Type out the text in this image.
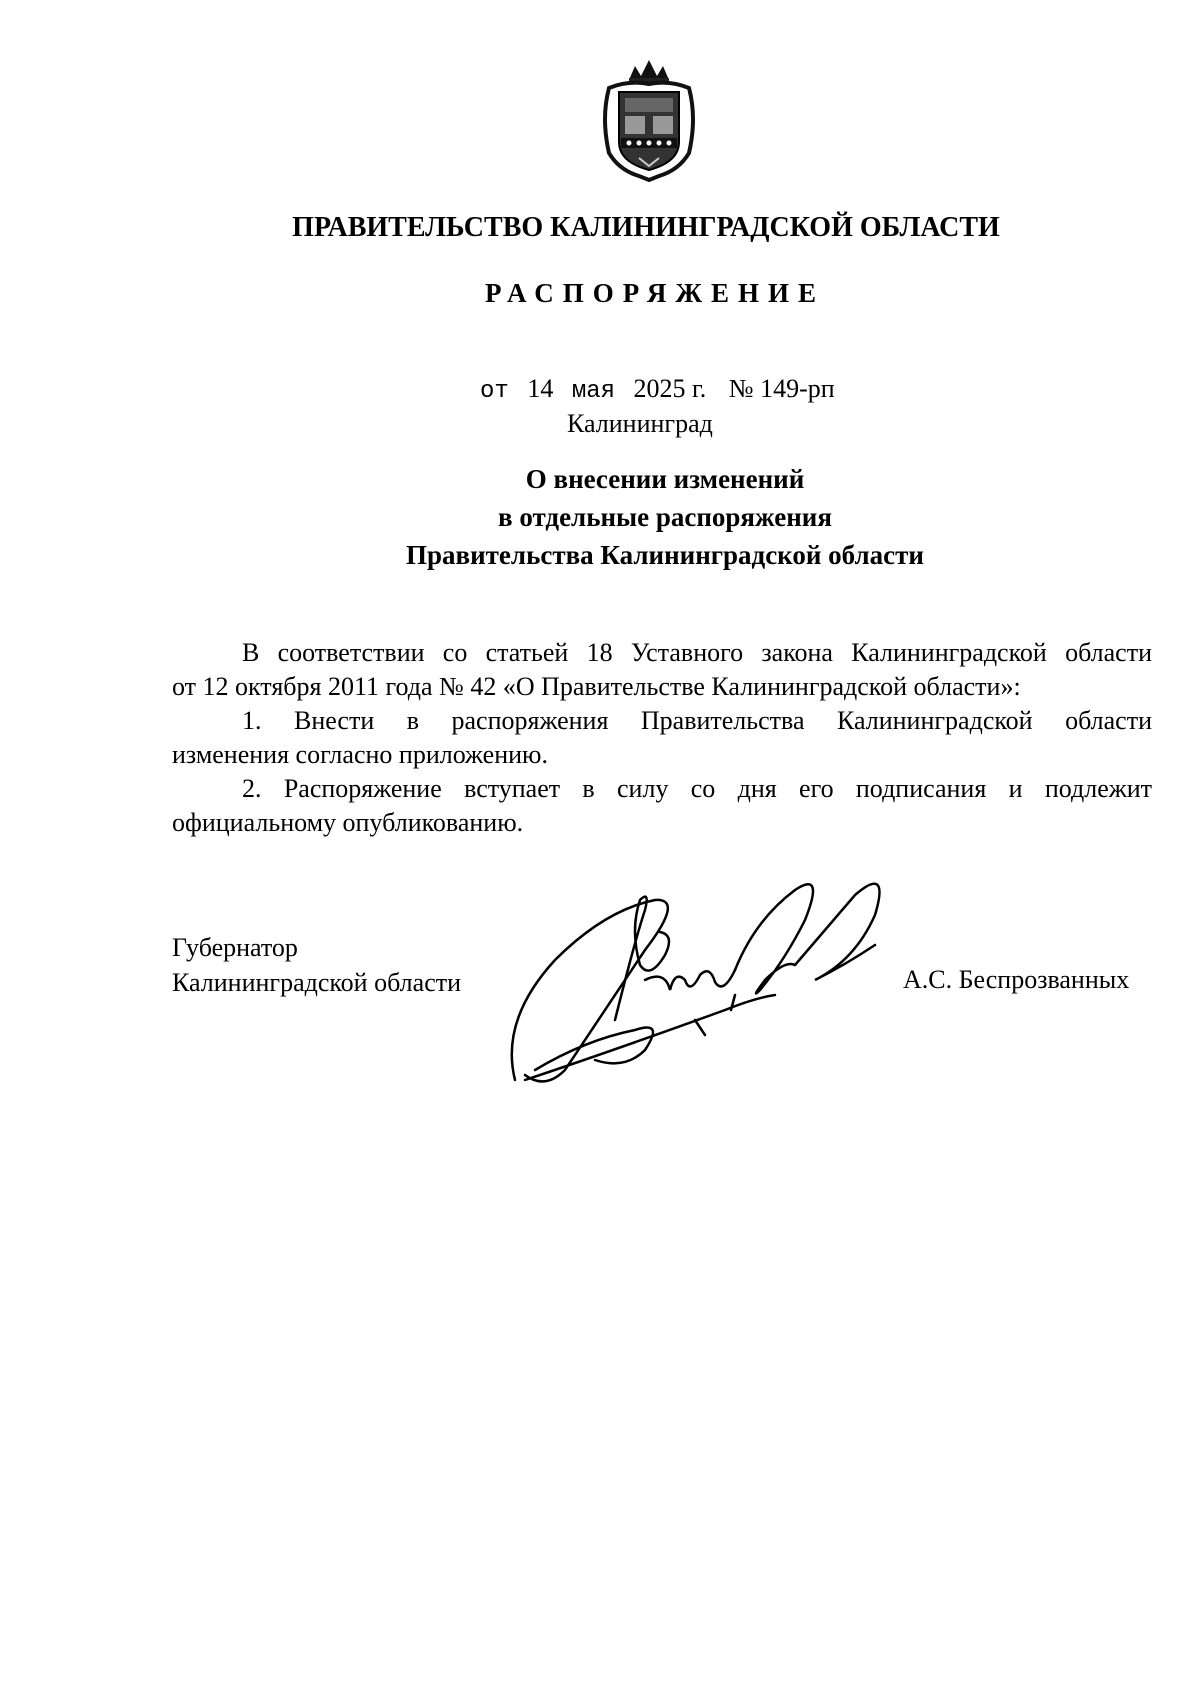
ПРАВИТЕЛЬСТВО КАЛИНИНГРАДСКОЙ ОБЛАСТИ
РАСПОРЯЖЕНИЕ
от 14 мая 2025 г. № 149-рп
Калининград
О внесении изменений
в отдельные распоряжения
Правительства Калининградской области
В соответствии со статьей 18 Уставного закона Калининградской области
от 12 октября 2011 года № 42 «О Правительстве Калининградской области»:
1. Внести в распоряжения Правительства Калининградской области
изменения согласно приложению.
2. Распоряжение вступает в силу со дня его подписания и подлежит
официальному опубликованию.
Губернатор
Калининградской области	А.С. Беспрозванных
